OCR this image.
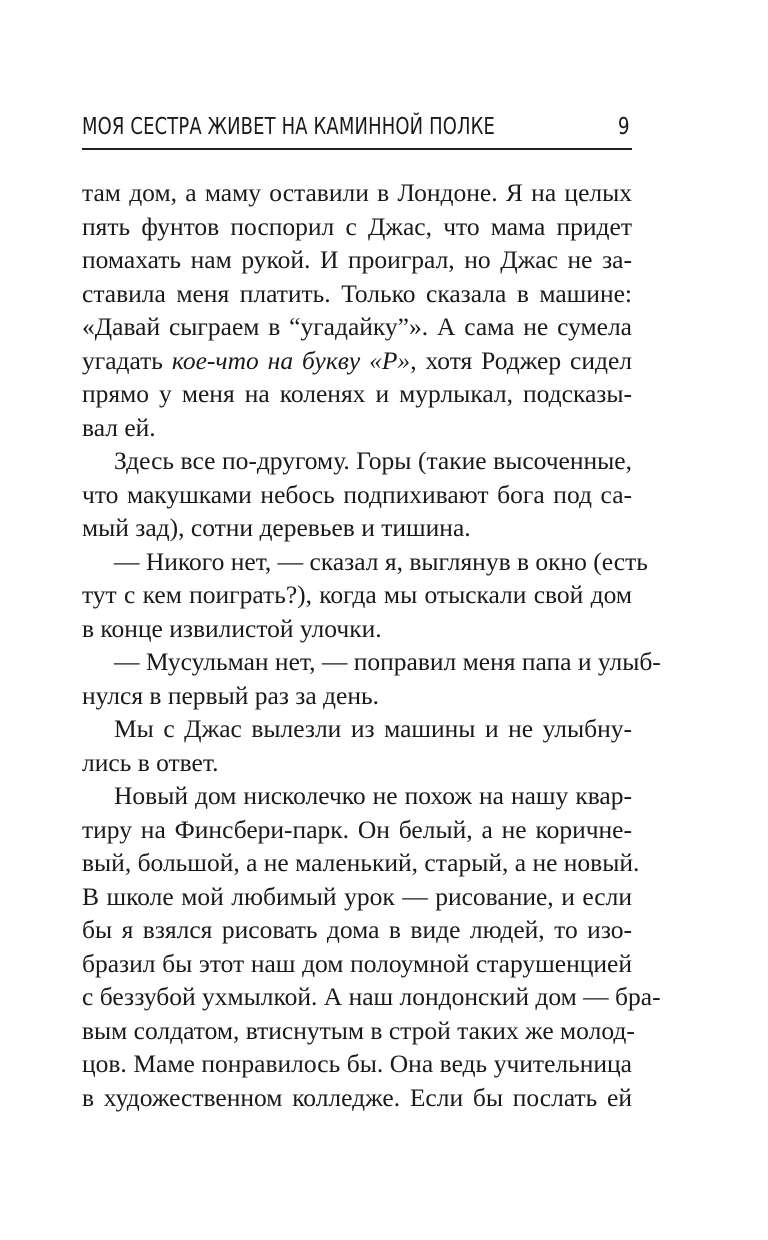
МОЯ СЕСТРА ЖИВЕТ НА КАМИННОЙ ПОЛКЕ	9
там дом, а маму оставили в Лондоне. Я на целых
пять фунтов поспорил с Джас, что мама придет
помахать нам рукой. И проиграл, но Джас не за-
ставила меня платить. Только сказала в машине:
«Давай сыграем в “угадайку”». А сама не сумела
угадать кое-что на букву «Р», хотя Роджер сидел
прямо у меня на коленях и мурлыкал, подсказы-
вал ей.
Здесь все по-другому. Горы (такие высоченные,
что макушками небось подпихивают бога под са-
мый зад), сотни деревьев и тишина.
— Никого нет, — сказал я, выглянув в окно (есть
тут с кем поиграть?), когда мы отыскали свой дом
в конце извилистой улочки.
— Мусульман нет, — поправил меня папа и улыб-
нулся в первый раз за день.
Мы с Джас вылезли из машины и не улыбну-
лись в ответ.
Новый дом нисколечко не похож на нашу квар-
тиру на Финсбери-парк. Он белый, а не коричне-
вый, большой, а не маленький, старый, а не новый.
В школе мой любимый урок — рисование, и если
бы я взялся рисовать дома в виде людей, то изо-
бразил бы этот наш дом полоумной старушенцией
с беззубой ухмылкой. А наш лондонский дом — бра-
вым солдатом, втиснутым в строй таких же молод-
цов. Маме понравилось бы. Она ведь учительница
в художественном колледже. Если бы послать ей
